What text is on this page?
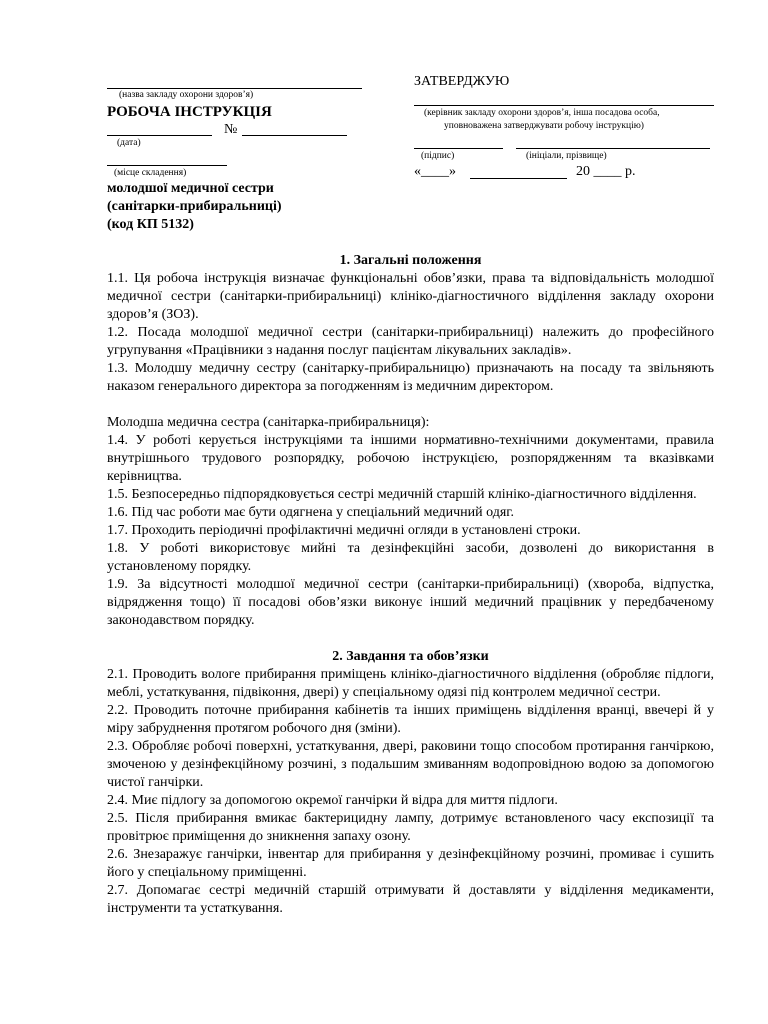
(назва закладу охорони здоров’я)
РОБОЧА ІНСТРУКЦІЯ
№
(дата)
(місце складення)
молодшої медичної сестри
(санітарки-прибиральниці)
(код КП 5132)
ЗАТВЕРДЖУЮ
(керівник закладу охорони здоров’я, інша посадова особа,
уповноважена затверджувати робочу інструкцію)
(підпис)	(ініціали, прізвище)
«____»	20 ____ р.
1. Загальні положення

1.1. Ця робоча інструкція визначає функціональні обов’язки, права та відповідальність молодшої медичної сестри (санітарки-прибиральниці) клініко-діагностичного відділення закладу охорони здоров’я (ЗОЗ).

1.2. Посада молодшої медичної сестри (санітарки-прибиральниці) належить до професійного угрупування «Працівники з надання послуг пацієнтам лікувальних закладів».

1.3. Молодшу медичну сестру (санітарку-прибиральницю) призначають на посаду та звільняють наказом генерального директора за погодженням із медичним директором.

Молодша медична сестра (санітарка-прибиральниця):

1.4. У роботі керується інструкціями та іншими нормативно-технічними документами, правила внутрішнього трудового розпорядку, робочою інструкцією, розпорядженням та вказівками керівництва.

1.5. Безпосередньо підпорядковується сестрі медичній старшій клініко-діагностичного відділення.

1.6. Під час роботи має бути одягнена у спеціальний медичний одяг.

1.7. Проходить періодичні профілактичні медичні огляди в установлені строки.

1.8. У роботі використовує мийні та дезінфекційні засоби, дозволені до використання в установленому порядку.

1.9. За відсутності молодшої медичної сестри (санітарки-прибиральниці) (хвороба, відпустка, відрядження тощо) її посадові обов’язки виконує інший медичний працівник у передбаченому законодавством порядку.

2. Завдання та обов’язки

2.1. Проводить вологе прибирання приміщень клініко-діагностичного відділення (обробляє підлоги, меблі, устаткування, підвіконня, двері) у спеціальному одязі під контролем медичної сестри.

2.2. Проводить поточне прибирання кабінетів та інших приміщень відділення вранці, ввечері й у міру забруднення протягом робочого дня (зміни).

2.3. Обробляє робочі поверхні, устаткування, двері, раковини тощо способом протирання ганчіркою, змоченою у дезінфекційному розчині, з подальшим змиванням водопровідною водою за допомогою чистої ганчірки.

2.4. Миє підлогу за допомогою окремої ганчірки й відра для миття підлоги.

2.5. Після прибирання вмикає бактерицидну лампу, дотримує встановленого часу експозиції та провітрює приміщення до зникнення запаху озону.

2.6. Знезаражує ганчірки, інвентар для прибирання у дезінфекційному розчині, промиває і сушить його у спеціальному приміщенні.

2.7. Допомагає сестрі медичній старшій отримувати й доставляти у відділення медикаменти, інструменти та устаткування.
